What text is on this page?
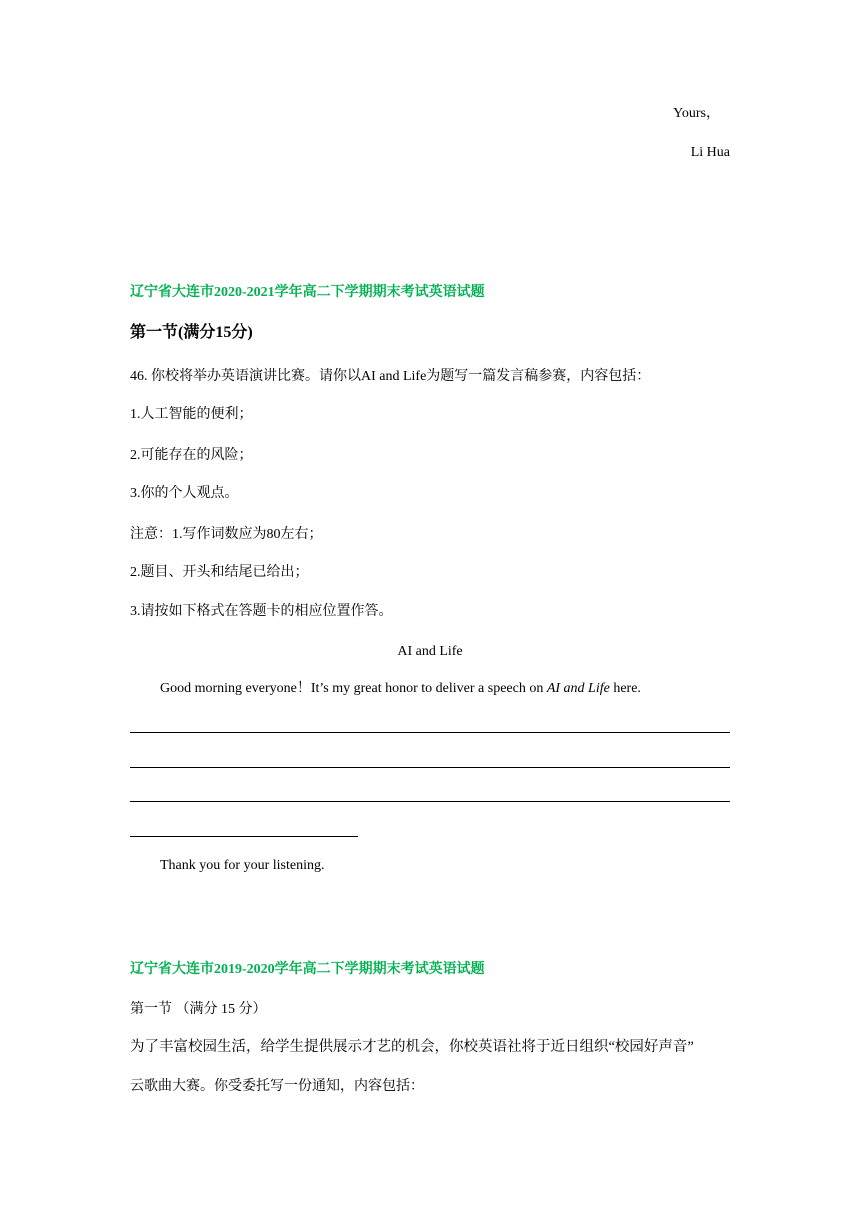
Yours，
Li Hua
辽宁省大连市2020-2021学年高二下学期期末考试英语试题
第一节(满分15分)
46. 你校将举办英语演讲比赛。请你以AI and Life为题写一篇发言稿参赛，内容包括：
1.人工智能的便利；
2.可能存在的风险；
3.你的个人观点。
注意：1.写作词数应为80左右；
2.题目、开头和结尾已给出；
3.请按如下格式在答题卡的相应位置作答。
AI and Life
Good morning everyone！It’s my great honor to deliver a speech on AI and Life here.
Thank you for your listening.
辽宁省大连市2019-2020学年高二下学期期末考试英语试题
第一节 （满分 15 分）
为了丰富校园生活，给学生提供展示才艺的机会，你校英语社将于近日组织“校园好声音”
云歌曲大赛。你受委托写一份通知，内容包括：
